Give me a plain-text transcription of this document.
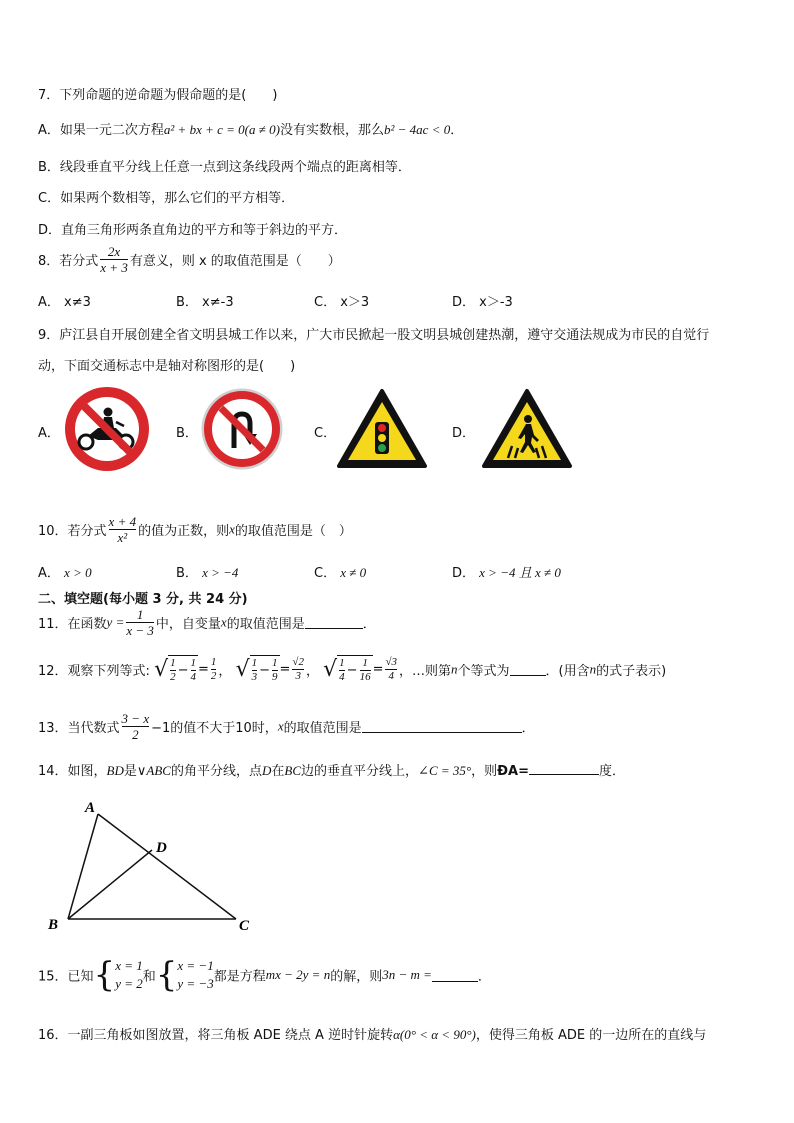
7．下列命题的逆命题为假命题的是(　　)
A．如果一元二次方程a² + bx + c = 0(a ≠ 0)没有实数根，那么b² − 4ac < 0．
B．线段垂直平分线上任意一点到这条线段两个端点的距离相等．
C．如果两个数相等，那么它们的平方相等．
D．直角三角形两条直角边的平方和等于斜边的平方．
8．若分式 $\frac{2x}{x + 3}$ 有意义，则 x 的取值范围是（　　）
A． x≠3	B． x≠-3	C． x＞3	D． x＞-3
9．庐江县自开展创建全省文明县城工作以来，广大市民掀起一股文明县城创建热潮，遵守交通法规成为市民的自觉行
动，下面交通标志中是轴对称图形的是(　　)
A．	B．	C．	D．
10．若分式 $\frac{x + 4}{\text{x²}}$ 的值为正数，则x的取值范围是（　）
A． x > 0	B． x > −4	C． x ≠ 0	D． x > −4 且 x ≠ 0
二、填空题(每小题 3 分, 共 24 分)
11．在函数$y = \frac{1}{x - 3}$ 中，自变量x的取值范围是	．
12．观察下列等式: √ $\frac{1}{2} - \frac{1}{4} = \frac{1}{2}$ ， √ $\frac{1}{3} - \frac{1}{9} = \frac{√2}{3}$ ， √ $\frac{1}{4} - \frac{1}{16} = \frac{√3}{4}$ ，…则第n个等式为	．(用含n的式子表示)
13．当代数式 $\frac{3 - x}{2} -1$的值不大于10时，x的取值范围是	．
14．如图，BD是∨ABC的角平分线，点D在BC边的垂直平分线上，∠C = 35°，则ÐA=	度．
A
D
B	C
15．已知{x = 1
y = 2和{x = −1
y = −3都是方程mx − 2y = n的解，则3n − m =	．
16．一副三角板如图放置，将三角板 ADE 绕点 A 逆时针旋转α(0° < α < 90°)，使得三角板 ADE 的一边所在的直线与
